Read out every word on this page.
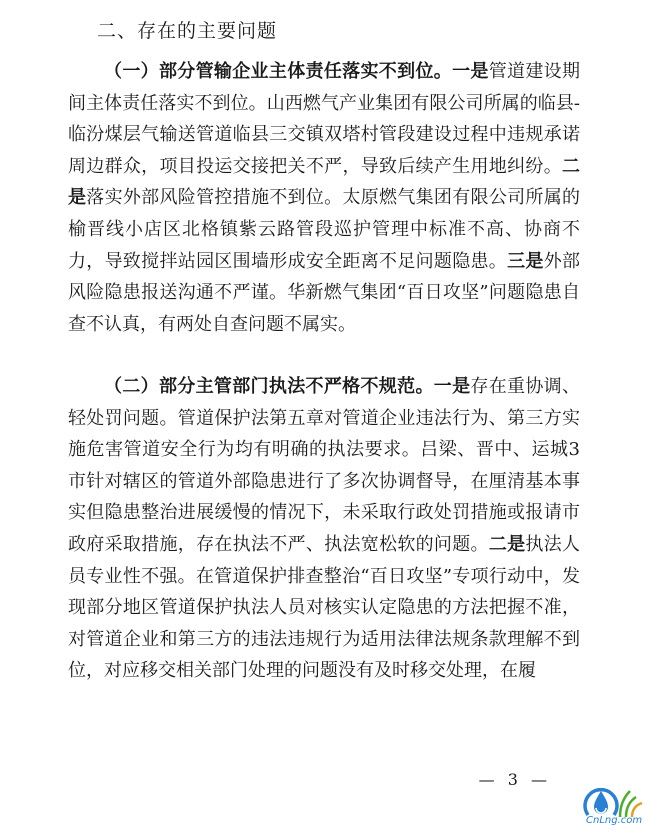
二、存在的主要问题

（一）部分管输企业主体责任落实不到位。一是管道建设期间主体责任落实不到位。山西燃气产业集团有限公司所属的临县-临汾煤层气输送管道临县三交镇双塔村管段建设过程中违规承诺周边群众，项目投运交接把关不严，导致后续产生用地纠纷。二是落实外部风险管控措施不到位。太原燃气集团有限公司所属的榆晋线小店区北格镇紫云路管段巡护管理中标准不高、协商不力，导致搅拌站园区围墙形成安全距离不足问题隐患。三是外部风险隐患报送沟通不严谨。华新燃气集团“百日攻坚”问题隐患自查不认真，有两处自查问题不属实。

（二）部分主管部门执法不严格不规范。一是存在重协调、轻处罚问题。管道保护法第五章对管道企业违法行为、第三方实施危害管道安全行为均有明确的执法要求。吕梁、晋中、运城3市针对辖区的管道外部隐患进行了多次协调督导，在厘清基本事实但隐患整治进展缓慢的情况下，未采取行政处罚措施或报请市政府采取措施，存在执法不严、执法宽松软的问题。二是执法人员专业性不强。在管道保护排查整治“百日攻坚”专项行动中，发现部分地区管道保护执法人员对核实认定隐患的方法把握不准，对管道企业和第三方的违法违规行为适用法律法规条款理解不到位，对应移交相关部门处理的问题没有及时移交处理，在履

— 3 —
CnLng.com
